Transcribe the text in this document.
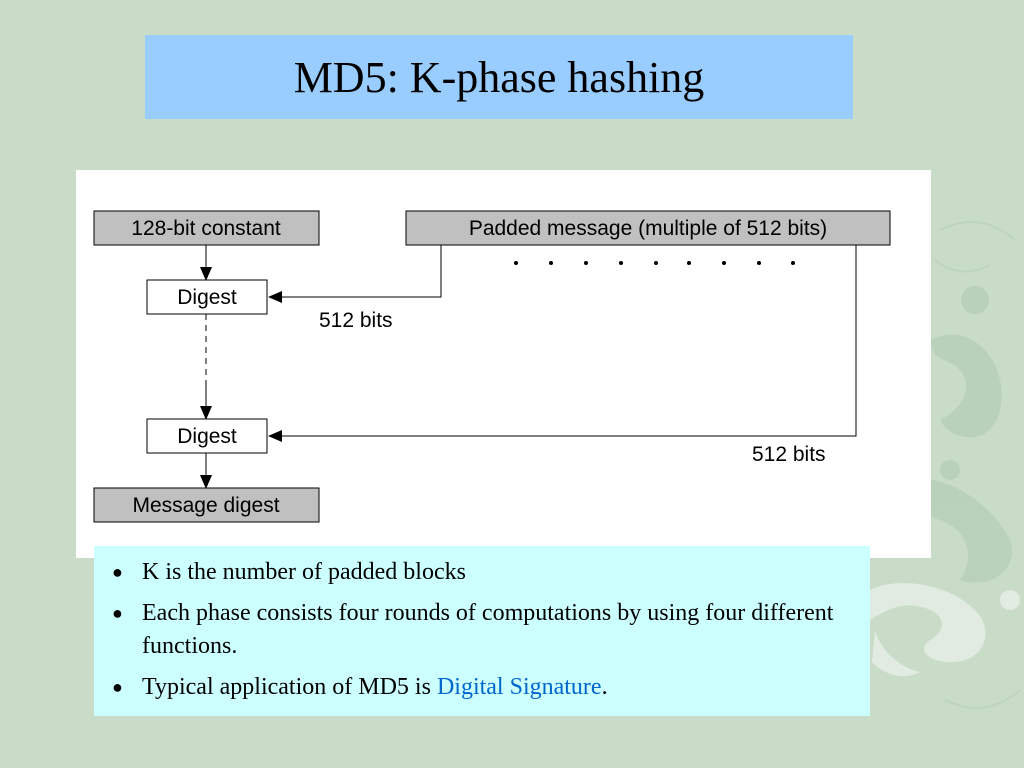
MD5: K-phase hashing
128-bit constant	Padded message (multiple of 512 bits)
Digest
512 bits
Digest
512 bits
Message digest
● K is the number of padded blocks
● Each phase consists four rounds of computations by using four different functions.
● Typical application of MD5 is Digital Signature.
